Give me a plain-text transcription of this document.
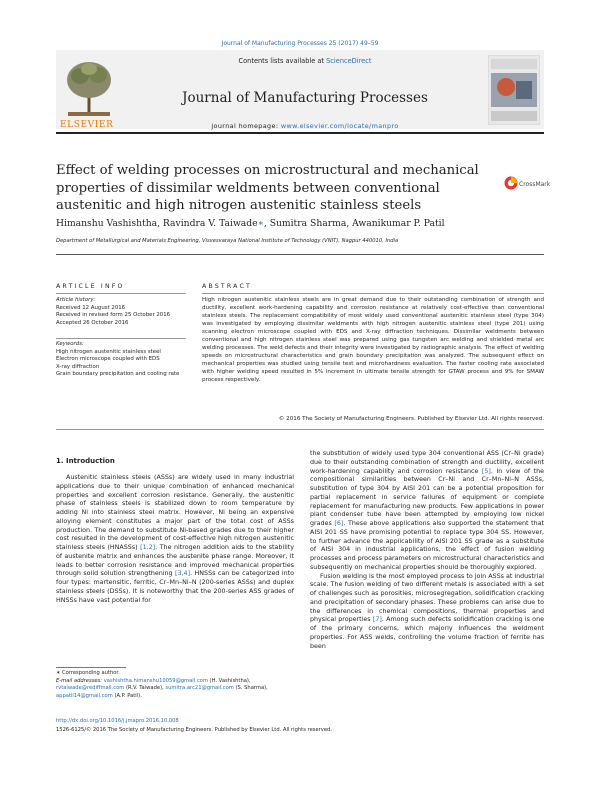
Journal of Manufacturing Processes 25 (2017) 49–59
ELSEVIER
Contents lists available at ScienceDirect
Journal of Manufacturing Processes
journal homepage: www.elsevier.com/locate/manpro
Effect of welding processes on microstructural and mechanical properties of dissimilar weldments between conventional austenitic and high nitrogen austenitic stainless steels
CrossMark
Himanshu Vashishtha, Ravindra V. Taiwade∗, Sumitra Sharma, Awanikumar P. Patil
Department of Metallurgical and Materials Engineering, Visvesvaraya National Institute of Technology (VNIT), Nagpur 440010, India
ARTICLE INFO	ABSTRACT
Article history:
Received 12 August 2016
Received in revised form 25 October 2016
Accepted 26 October 2016
Keywords:
High nitrogen austenitic stainless steel
Electron microscope coupled with EDS
X-ray diffraction
Grain boundary precipitation and cooling rate
High nitrogen austenitic stainless steels are in great demand due to their outstanding combination of strength and ductility, excellent work-hardening capability and corrosion resistance at relatively cost-effective than conventional stainless steels. The replacement compatibility of most widely used conventional austenitic stainless steel (type 304) was investigated by employing dissimilar weldments with high nitrogen austenitic stainless steel (type 201) using scanning electron microscope coupled with EDS and X-ray diffraction techniques. Dissimilar weldments between conventional and high nitrogen stainless steel was prepared using gas tungsten arc welding and shielded metal arc welding processes. The weld defects and their integrity were investigated by radiographic analysis. The effect of welding speeds on microstructural characteristics and grain boundary precipitation was analyzed. The subsequent effect on mechanical properties was studied using tensile test and microhardness evaluation. The faster cooling rate associated with higher welding speed resulted in 5% increment in ultimate tensile strength for GTAW process and 9% for SMAW process respectively.
© 2016 The Society of Manufacturing Engineers. Published by Elsevier Ltd. All rights reserved.
1. Introduction

Austenitic stainless steels (ASSs) are widely used in many industrial applications due to their unique combination of enhanced mechanical properties and excellent corrosion resistance. Generally, the austenitic phase of stainless steels is stabilized down to room temperature by adding Ni into stainless steel matrix. However, Ni being an expensive alloying element constitutes a major part of the total cost of ASSs production. The demand to substitute Ni-based grades due to their higher cost resulted in the development of cost-effective high nitrogen austenitic stainless steels (HNASSs) [1,2]. The nitrogen addition aids to the stability of austenite matrix and enhances the austenite phase range. Moreover, it leads to better corrosion resistance and improved mechanical properties through solid solution strengthening [3,4]. HNSSs can be categorized into four types: martensitic, ferritic, Cr–Mn–Ni–N (200-series ASSs) and duplex stainless steels (DSSs). It is noteworthy that the 200-series ASS grades of HNSSs have vast potential for

the substitution of widely used type 304 conventional ASS (Cr–Ni grade) due to their outstanding combination of strength and ductility, excellent work-hardening capability and corrosion resistance [5]. In view of the compositional similarities between Cr–Ni and Cr–Mn–Ni–N ASSs, substitution of type 304 by AISI 201 can be a potential proposition for partial replacement in service failures of equipment or complete replacement for manufacturing new products. Few applications in power plant condenser tube have been attempted by employing low nickel grades [6]. These above applications also supported the statement that AISI 201 SS have promising potential to replace type 304 SS. However, to further advance the applicability of AISI 201 SS grade as a substitute of AISI 304 in industrial applications, the effect of fusion welding processes and process parameters on microstructural characteristics and subsequently on mechanical properties should be thoroughly explored.

Fusion welding is the most employed process to join ASSs at industrial scale. The fusion welding of two different metals is associated with a set of challenges such as porosities, microsegregation, solidification cracking and precipitation of secondary phases. These problems can arise due to the differences in chemical compositions, thermal properties and physical properties [7]. Among such defects solidification cracking is one of the primary concerns, which majorly influences the weldment properties. For ASS welds, controlling the volume fraction of ferrite has been

∗ Corresponding author.
E-mail addresses: vashishtha.himanshu10059@gmail.com (H. Vashishtha), rvtaiwade@rediffmail.com (R.V. Taiwade), sumitra.arc21@gmail.com (S. Sharma), appatil14@gmail.com (A.P. Patil).
http://dx.doi.org/10.1016/j.jmapro.2016.10.008
1526-6125/© 2016 The Society of Manufacturing Engineers. Published by Elsevier Ltd. All rights reserved.
